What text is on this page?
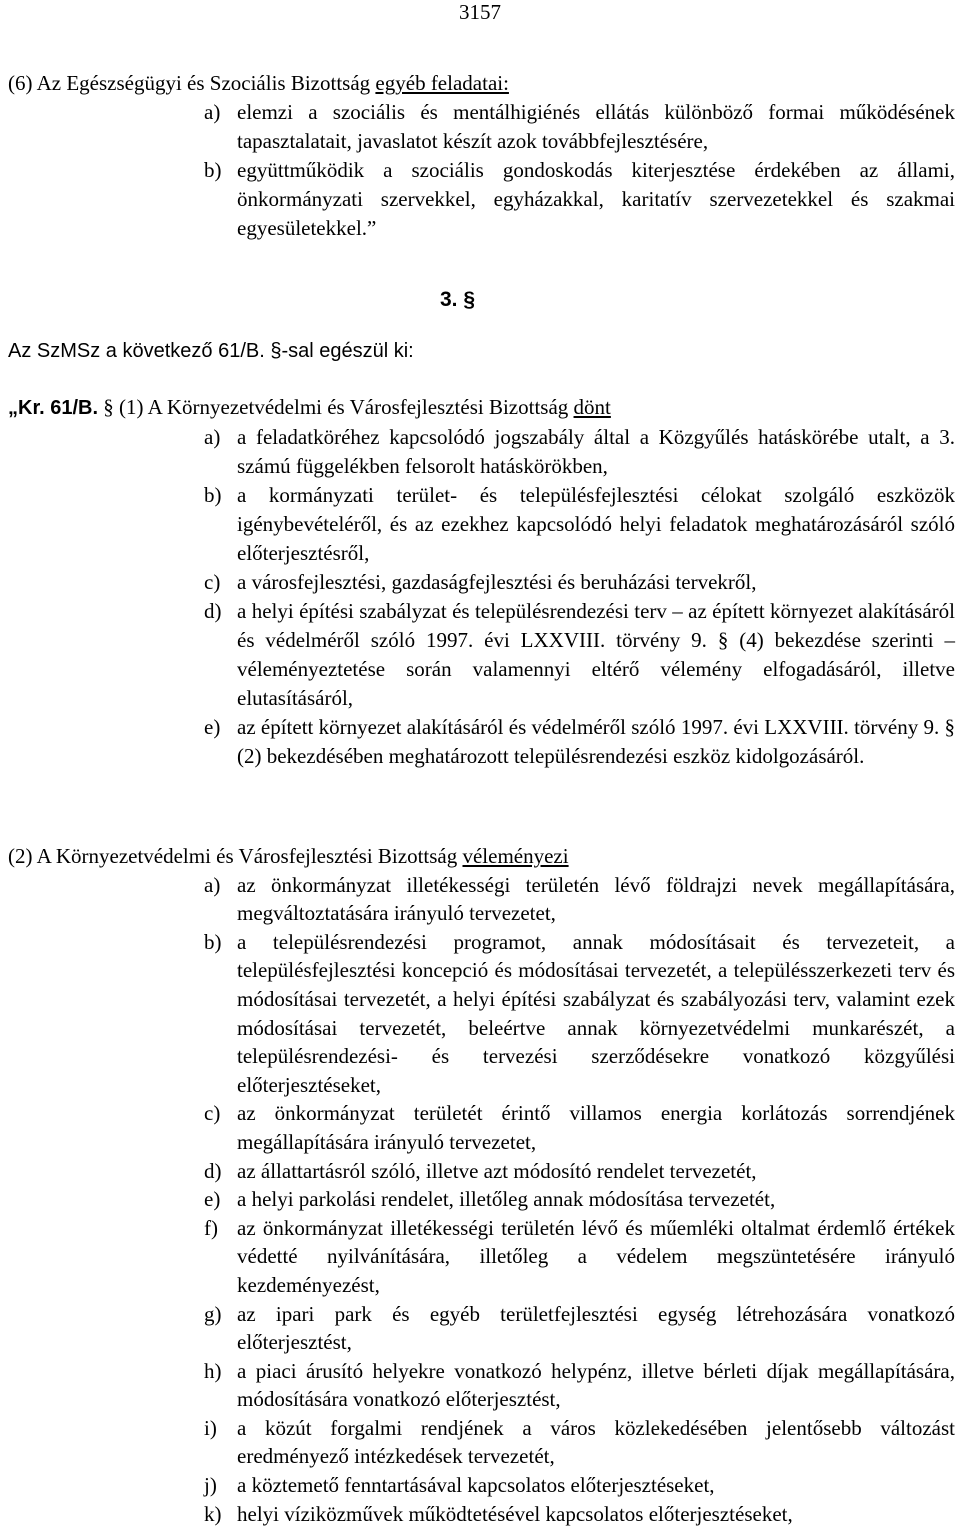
3157
(6) Az Egészségügyi és Szociális Bizottság egyéb feladatai:
a) elemzi a szociális és mentálhigiénés ellátás különböző formai működésének tapasztalatait, javaslatot készít azok továbbfejlesztésére,
b) együttműködik a szociális gondoskodás kiterjesztése érdekében az állami, önkormányzati szervekkel, egyházakkal, karitatív szervezetekkel és szakmai egyesületekkel.”
3. §
Az SzMSz a következő 61/B. §-sal egészül ki:
„Kr. 61/B. § (1) A Környezetvédelmi és Városfejlesztési Bizottság dönt
a) a feladatköréhez kapcsolódó jogszabály által a Közgyűlés hatáskörébe utalt, a 3. számú függelékben felsorolt hatáskörökben,
b) a kormányzati terület- és településfejlesztési célokat szolgáló eszközök igénybevételéről, és az ezekhez kapcsolódó helyi feladatok meghatározásáról szóló előterjesztésről,
c) a városfejlesztési, gazdaságfejlesztési és beruházási tervekről,
d) a helyi építési szabályzat és településrendezési terv – az épített környezet alakításáról és védelméről szóló 1997. évi LXXVIII. törvény 9. § (4) bekezdése szerinti – véleményeztetése során valamennyi eltérő vélemény elfogadásáról, illetve elutasításáról,
e) az épített környezet alakításáról és védelméről szóló 1997. évi LXXVIII. törvény 9. § (2) bekezdésében meghatározott településrendezési eszköz kidolgozásáról.
(2) A Környezetvédelmi és Városfejlesztési Bizottság véleményezi
a) az önkormányzat illetékességi területén lévő földrajzi nevek megállapítására, megváltoztatására irányuló tervezetet,
b) a településrendezési programot, annak módosításait és tervezeteit, a településfejlesztési koncepció és módosításai tervezetét, a településszerkezeti terv és módosításai tervezetét, a helyi építési szabályzat és szabályozási terv, valamint ezek módosításai tervezetét, beleértve annak környezetvédelmi munkarészét, a településrendezési- és tervezési szerződésekre vonatkozó közgyűlési előterjesztéseket,
c) az önkormányzat területét érintő villamos energia korlátozás sorrendjének megállapítására irányuló tervezetet,
d) az állattartásról szóló, illetve azt módosító rendelet tervezetét,
e) a helyi parkolási rendelet, illetőleg annak módosítása tervezetét,
f) az önkormányzat illetékességi területén lévő és műemléki oltalmat érdemlő értékek védetté nyilvánítására, illetőleg a védelem megszüntetésére irányuló kezdeményezést,
g) az ipari park és egyéb területfejlesztési egység létrehozására vonatkozó előterjesztést,
h) a piaci árusító helyekre vonatkozó helypénz, illetve bérleti díjak megállapítására, módosítására vonatkozó előterjesztést,
i) a közút forgalmi rendjének a város közlekedésében jelentősebb változást eredményező intézkedések tervezetét,
j) a köztemető fenntartásával kapcsolatos előterjesztéseket,
k) helyi víziközművek működtetésével kapcsolatos előterjesztéseket,
